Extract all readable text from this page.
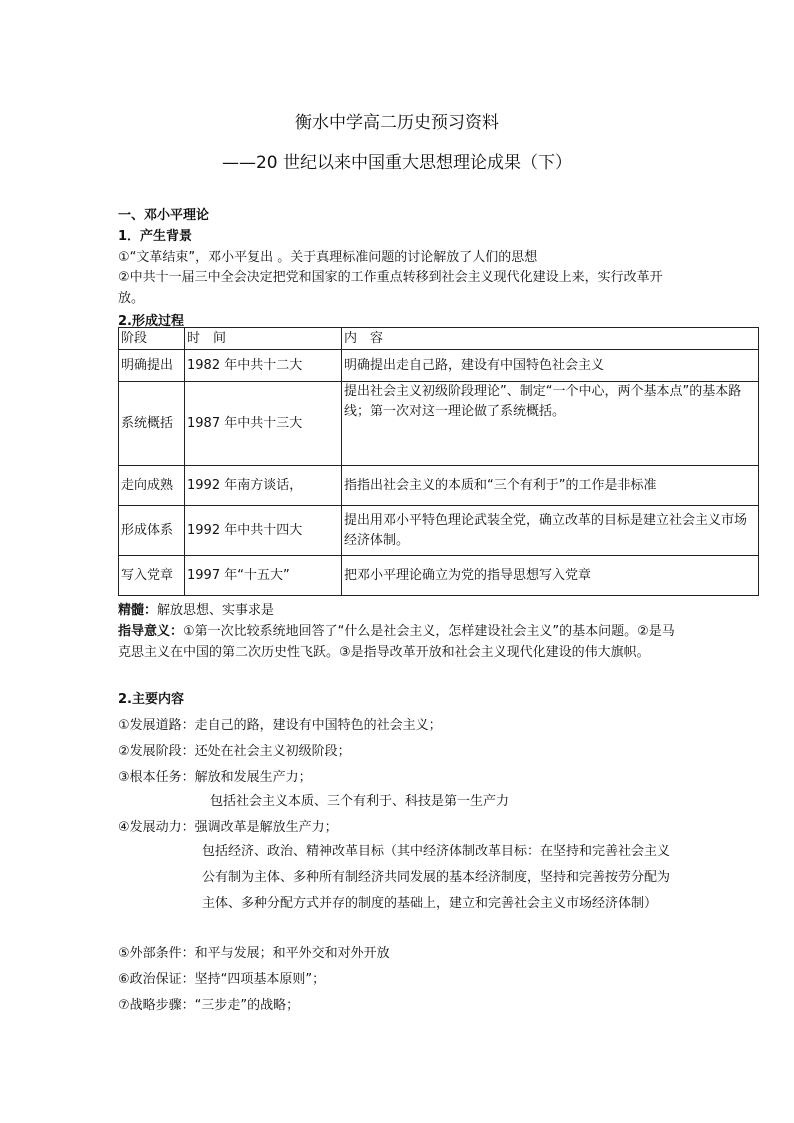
衡水中学高二历史预习资料
——20 世纪以来中国重大思想理论成果（下）
一、邓小平理论
1．产生背景
①“文革结束”，邓小平复出 。关于真理标准问题的讨论解放了人们的思想
②中共十一届三中全会决定把党和国家的工作重点转移到社会主义现代化建设上来，实行改革开放。
2.形成过程
阶段	时　间	内　容
明确提出	1982 年中共十二大	明确提出走自己路，建设有中国特色社会主义
系统概括	1987 年中共十三大	提出社会主义初级阶段理论”、制定“一个中心，两个基本点”的基本路线；第一次对这一理论做了系统概括。
走向成熟	1992 年南方谈话，	指指出社会主义的本质和“三个有利于”的工作是非标准
形成体系	1992 年中共十四大	提出用邓小平特色理论武装全党，确立改革的目标是建立社会主义市场经济体制。
写入党章	1997 年“十五大”	把邓小平理论确立为党的指导思想写入党章
精髓：解放思想、实事求是
指导意义：①第一次比较系统地回答了“什么是社会主义，怎样建设社会主义”的基本问题。②是马克思主义在中国的第二次历史性飞跃。③是指导改革开放和社会主义现代化建设的伟大旗帜。
2.主要内容
①发展道路：走自己的路，建设有中国特色的社会主义；
②发展阶段：还处在社会主义初级阶段；
③根本任务：解放和发展生产力；
包括社会主义本质、三个有利于、科技是第一生产力
④发展动力：强调改革是解放生产力；
包括经济、政治、精神改革目标（其中经济体制改革目标：在坚持和完善社会主义公有制为主体、多种所有制经济共同发展的基本经济制度，坚持和完善按劳分配为主体、多种分配方式并存的制度的基础上，建立和完善社会主义市场经济体制）
⑤外部条件：和平与发展；和平外交和对外开放
⑥政治保证：坚持“四项基本原则”；
⑦战略步骤：“三步走”的战略；
